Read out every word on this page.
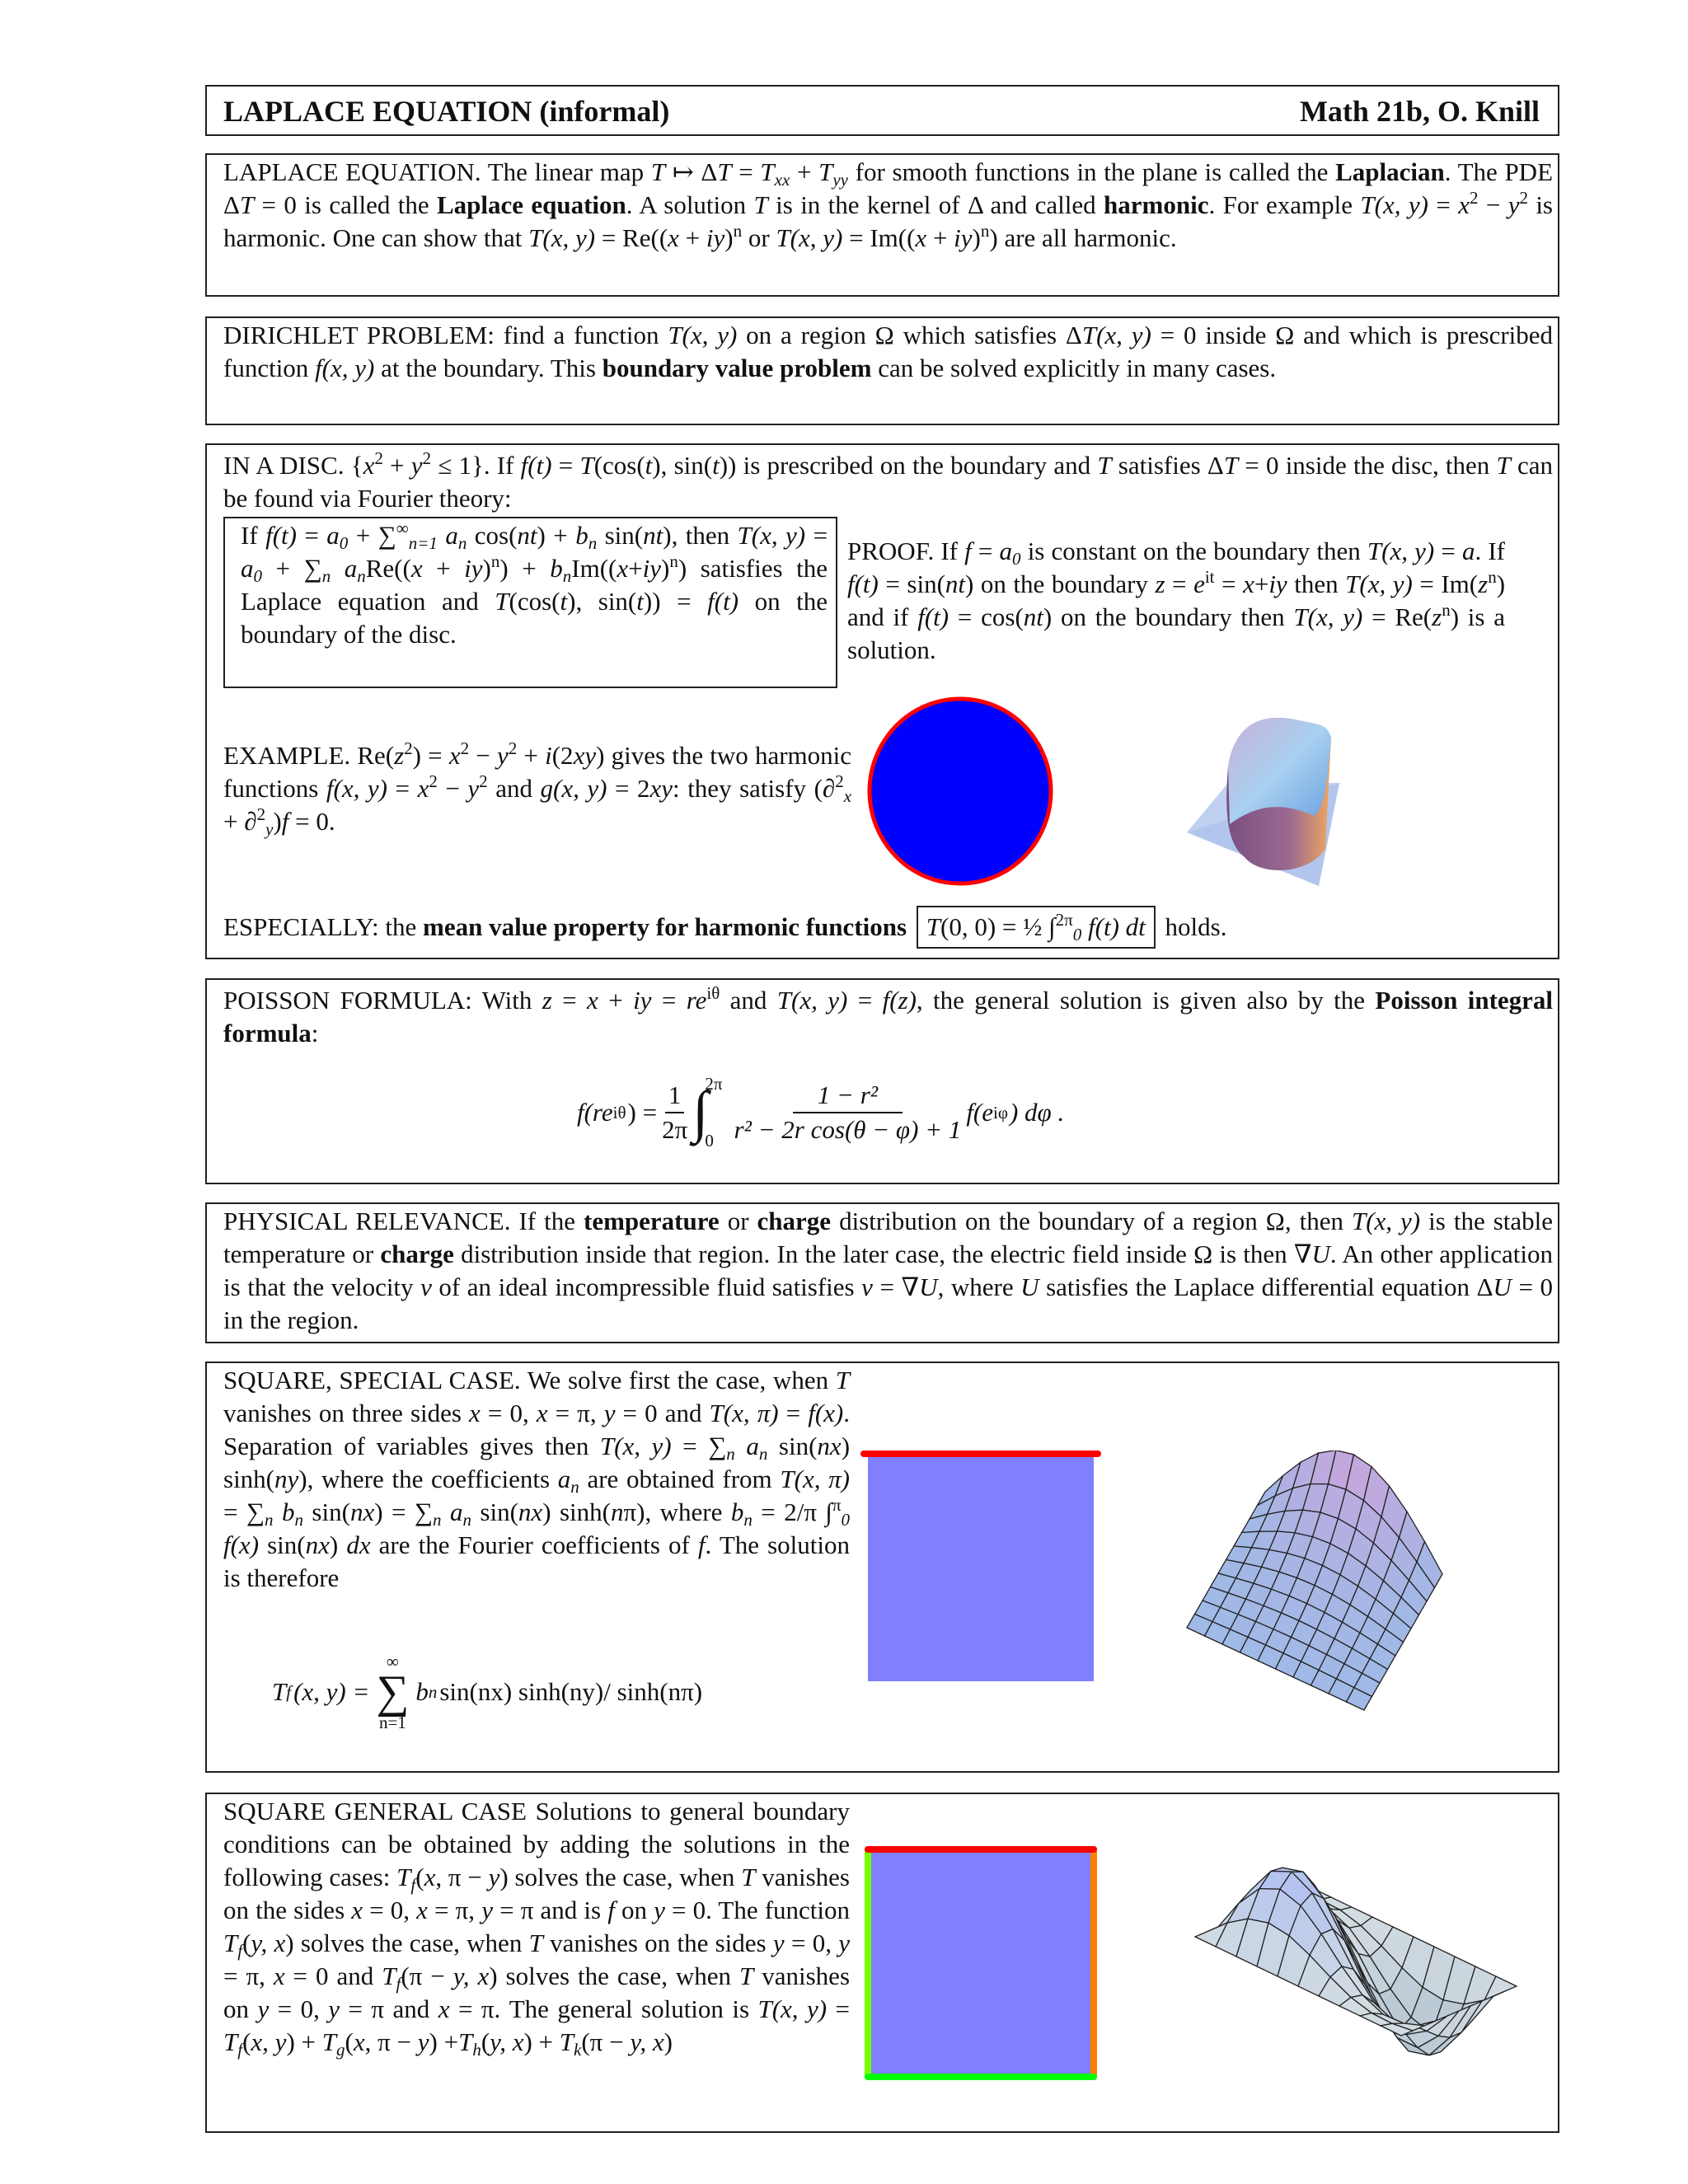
LAPLACE EQUATION (informal)	Math 21b, O. Knill
LAPLACE EQUATION. The linear map T ↦ $\Delta T = T_{xx} + T_{yy}$ for smooth functions in the plane is called the Laplacian. The PDE ΔT = 0 is called the Laplace equation. A solution T is in the kernel of Δ and called harmonic. For example T(x, $y) = x^2 - y^2$ is harmonic. One can show that T(x, y) = Re((x + iy)$^n$ or T(x, y) = Im((x + iy)$^n$) are all harmonic.
DIRICHLET PROBLEM: find a function T(x, y) on a region Ω which satisfies ΔT(x, y) = 0 inside Ω and which is prescribed function f(x, y) at the boundary. This boundary value problem can be solved explicitly in many cases.
IN A DISC. $\{x^2 + y^2 \le 1\}$. If f(t) = T(cos(t), sin(t)) is prescribed on the boundary and T satisfies ΔT = 0 inside the disc, then T can be found via Fourier theory:
If $f(t) = a_0 + \sum^\infty_{n=1}$ $a_n$ $\cos(nt) + b_n$ sin(nt), then T(x, $y) = a_0 + \sum_n$ $a_nRe((x + iy)^n) + b_nIm((x+iy)^n)$ satisfies the Laplace equation and T(cos(t), sin(t)) = f(t) on the boundary of the disc.
PROOF. If $f = a_0$ is constant on the boundary then T(x, y) = a. If f(t) = sin(nt) on the boundary $z = e^{it} = x+iy$ then T(x, $y) = Im(z^n)$ and if f(t) = cos(nt) on the boundary then T(x, $y) = Re(z^n)$ is a solution.
EXAMPLE. $Re(z^2) = x^2 - y^2 + i(2xy)$ gives the two harmonic functions f(x, $y) = x^2 - y^2$ and g(x, y) = 2xy: they satisfy (∂$^2_x$ + ∂$^2_y$)f = 0.
ESPECIALLY: the mean value property for harmonic functions T(0, 0) = ½ ∫$^{2\pi}_0$ f(t) dt holds.
POISSON FORMULA: With z = x + iy = $re^{i\theta}$ and T(x, y) = f(z), the general solution is given also by the Poisson integral formula:
f(re iθ ) = $\frac{1}{2\pi}$ ∫
2π
$0 \frac{\text{1 − r²}}{\text{r² − 2r cos(θ − φ) + 1}} f(e$ iφ ) dφ .
PHYSICAL RELEVANCE. If the temperature or charge distribution on the boundary of a region Ω, then T(x, y) is the stable temperature or charge distribution inside that region. In the later case, the electric field inside Ω is then ∇U. An other application is that the velocity v of an ideal incompressible fluid satisfies v = ∇U, where U satisfies the Laplace differential equation ΔU = 0 in the region.
SQUARE, SPECIAL CASE. We solve first the case, when T vanishes on three sides x = 0, x = π, y = 0 and T(x, π) = f(x). Separation of variables gives then T(x, $y) = \sum_n$ $a_n$ sin(nx) sinh(ny), where the coefficients $a_n$ are obtained from T(x, $\pi) = \sum_n$ $b_n$ $\sin(nx) = \sum_n$ $a_n$ sin(nx) sinh(nπ), where $b_n = 2/\pi$ ∫$^\pi_0$ f(x) sin(nx) dx are the Fourier coefficients of f. The solution is therefore
T f (x, y) =
∞
∑
n=1
b n sin(nx) sinh(ny)/ sinh(nπ)
SQUARE GENERAL CASE Solutions to general boundary conditions can be obtained by adding the solutions in the following cases: $T_f(x$, π − y) solves the case, when T vanishes on the sides x = 0, x = π, y = π and is f on y = 0. The function $T_f(y$, x) solves the case, when T vanishes on the sides y = 0, y = π, x = 0 and $T_f(\pi - y$, x) solves the case, when T vanishes on y = 0, y = π and x = π. The general solution is T(x, $y) = T_f(x$, $y) + T_g(x$, $\pi - y) +T_h(y$, $x) + T_k(\pi - y$, x)
